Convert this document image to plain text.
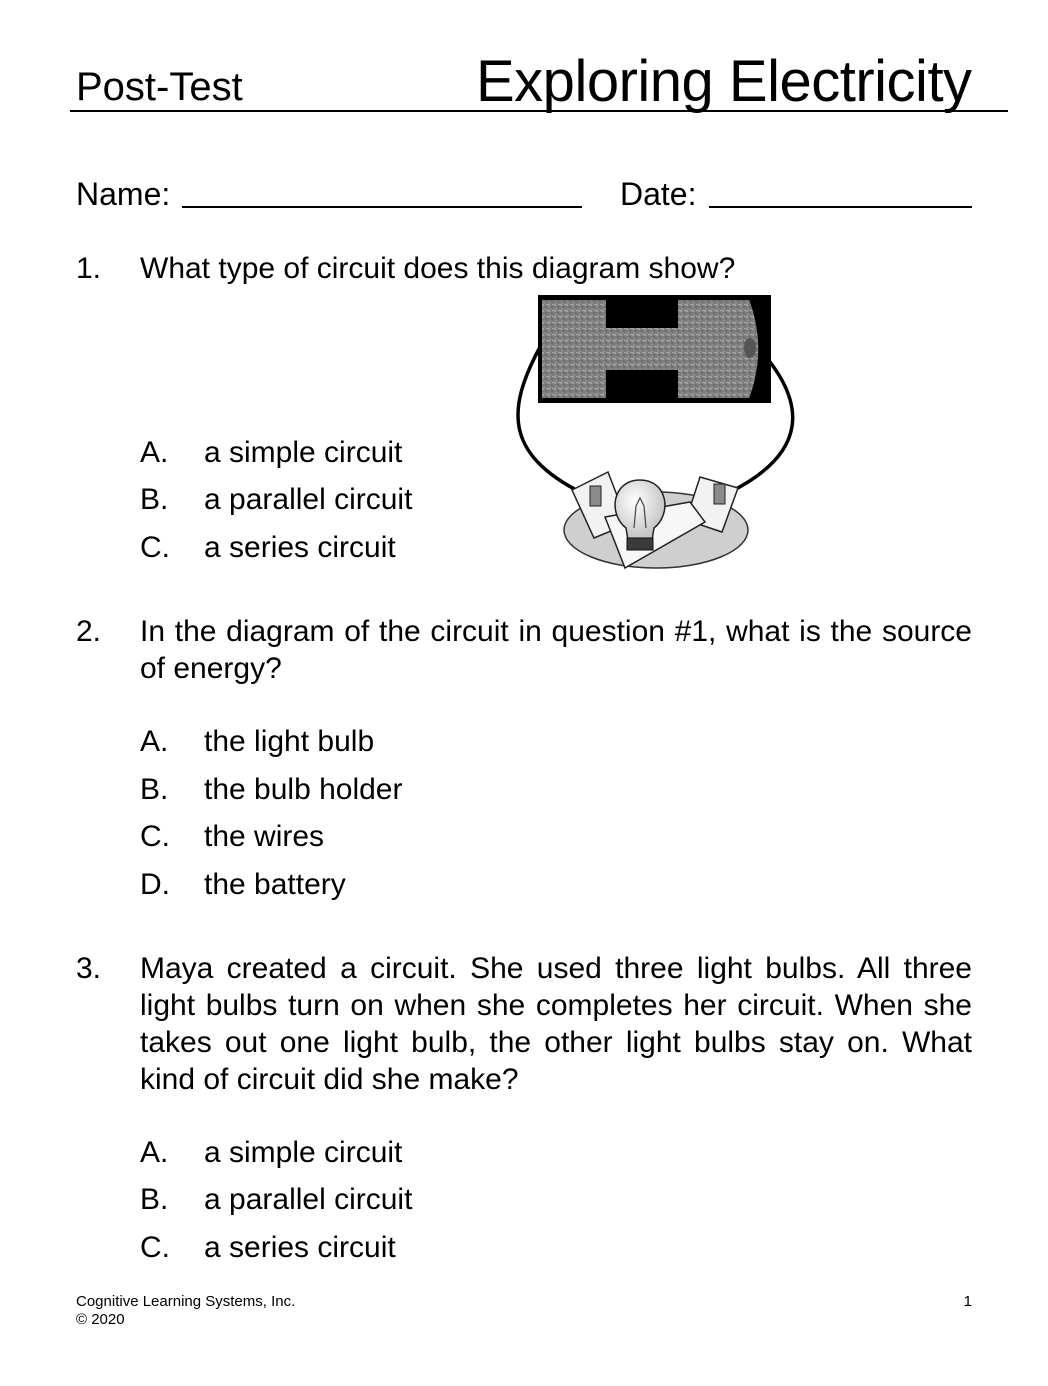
Post-Test	Exploring Electricity
Name:	Date:
1. What type of circuit does this diagram show?
A. a simple circuit
B. a parallel circuit
C. a series circuit
2. In the diagram of the circuit in question #1, what is the source of energy?
A. the light bulb
B. the bulb holder
C. the wires
D. the battery
3. Maya created a circuit. She used three light bulbs. All three light bulbs turn on when she completes her circuit. When she takes out one light bulb, the other light bulbs stay on. What kind of circuit did she make?
A. a simple circuit
B. a parallel circuit
C. a series circuit
Cognitive Learning Systems, Inc.
© 2020
1
